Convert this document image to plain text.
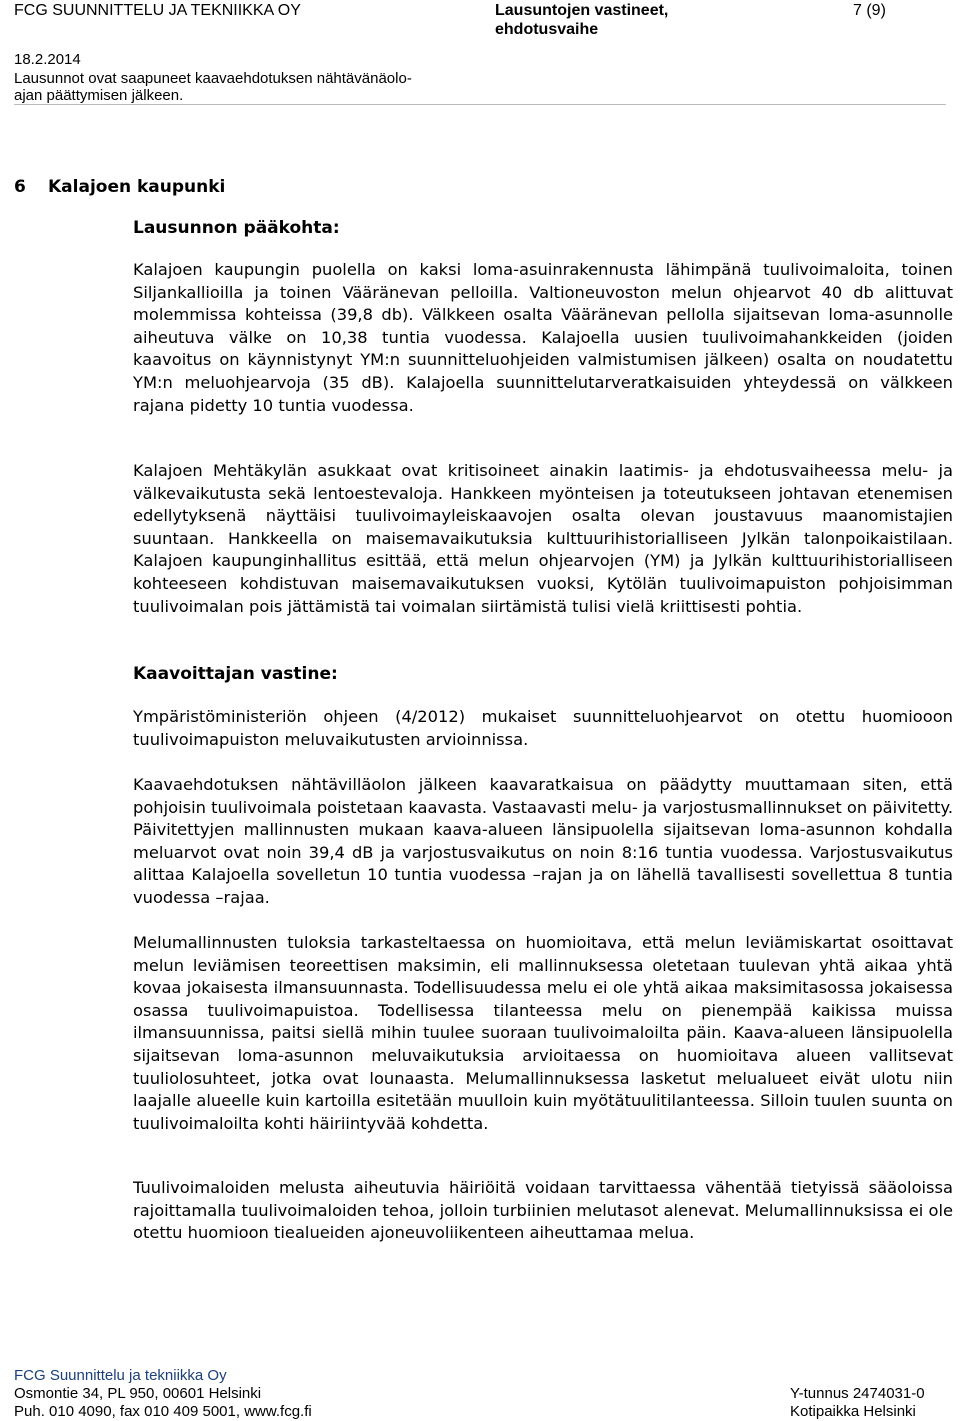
FCG SUUNNITTELU JA TEKNIIKKA OY	Lausuntojen vastineet,
ehdotusvaihe
7 (9)
18.2.2014
Lausunnot ovat saapuneet kaavaehdotuksen nähtävänäolo-
ajan päättymisen jälkeen.
6 Kalajoen kaupunki
Lausunnon pääkohta:

Kalajoen kaupungin puolella on kaksi loma-asuinrakennusta lähimpänä tuulivoimaloita, toinen Siljankallioilla ja toinen Vääränevan pelloilla. Valtioneuvoston melun ohjearvot 40 db alittuvat molemmissa kohteissa (39,8 db). Välkkeen osalta Vääränevan pellolla sijaitsevan loma-asunnolle aiheutuva välke on 10,38 tuntia vuodessa. Kalajoella uusien tuulivoimahankkeiden (joiden kaavoitus on käynnistynyt YM:n suunnitteluohjeiden valmistumisen jälkeen) osalta on noudatettu YM:n meluohjearvoja (35 dB). Kalajoella suunnittelutarveratkaisuiden yhteydessä on välkkeen rajana pidetty 10 tuntia vuodessa.

Kalajoen Mehtäkylän asukkaat ovat kritisoineet ainakin laatimis- ja ehdotusvaiheessa melu- ja välkevaikutusta sekä lentoestevaloja. Hankkeen myönteisen ja toteutukseen johtavan etenemisen edellytyksenä näyttäisi tuulivoimayleiskaavojen osalta olevan joustavuus maanomistajien suuntaan. Hankkeella on maisemavaikutuksia kulttuurihistorialliseen Jylkän talonpoikaistilaan. Kalajoen kaupunginhallitus esittää, että melun ohjearvojen (YM) ja Jylkän kulttuurihistorialliseen kohteeseen kohdistuvan maisemavaikutuksen vuoksi, Kytölän tuulivoimapuiston pohjoisimman tuulivoimalan pois jättämistä tai voimalan siirtämistä tulisi vielä kriittisesti pohtia.

Kaavoittajan vastine:

Ympäristöministeriön ohjeen (4/2012) mukaiset suunnitteluohjearvot on otettu huomiooon tuulivoimapuiston meluvaikutusten arvioinnissa.

Kaavaehdotuksen nähtävilläolon jälkeen kaavaratkaisua on päädytty muuttamaan siten, että pohjoisin tuulivoimala poistetaan kaavasta. Vastaavasti melu- ja varjostusmallinnukset on päivitetty. Päivitettyjen mallinnusten mukaan kaava-alueen länsipuolella sijaitsevan loma-asunnon kohdalla meluarvot ovat noin 39,4 dB ja varjostusvaikutus on noin 8:16 tuntia vuodessa. Varjostusvaikutus alittaa Kalajoella sovelletun 10 tuntia vuodessa –rajan ja on lähellä tavallisesti sovellettua 8 tuntia vuodessa –rajaa.

Melumallinnusten tuloksia tarkasteltaessa on huomioitava, että melun leviämiskartat osoittavat melun leviämisen teoreettisen maksimin, eli mallinnuksessa oletetaan tuulevan yhtä aikaa yhtä kovaa jokaisesta ilmansuunnasta. Todellisuudessa melu ei ole yhtä aikaa maksimitasossa jokaisessa osassa tuulivoimapuistoa. Todellisessa tilanteessa melu on pienempää kaikissa muissa ilmansuunnissa, paitsi siellä mihin tuulee suoraan tuulivoimaloilta päin. Kaava-alueen länsipuolella sijaitsevan loma-asunnon meluvaikutuksia arvioitaessa on huomioitava alueen vallitsevat tuuliolosuhteet, jotka ovat lounaasta. Melumallinnuksessa lasketut melualueet eivät ulotu niin laajalle alueelle kuin kartoilla esitetään muulloin kuin myötätuulitilanteessa. Silloin tuulen suunta on tuulivoimaloilta kohti häiriintyvää kohdetta.

Tuulivoimaloiden melusta aiheutuvia häiriöitä voidaan tarvittaessa vähentää tietyissä sääoloissa rajoittamalla tuulivoimaloiden tehoa, jolloin turbiinien melutasot alenevat. Melumallinnuksissa ei ole otettu huomioon tiealueiden ajoneuvoliikenteen aiheuttamaa melua.

FCG Suunnittelu ja tekniikka Oy
Osmontie 34, PL 950, 00601 Helsinki
Puh. 010 4090, fax 010 409 5001, www.fcg.fi
Y-tunnus 2474031-0
Kotipaikka Helsinki
